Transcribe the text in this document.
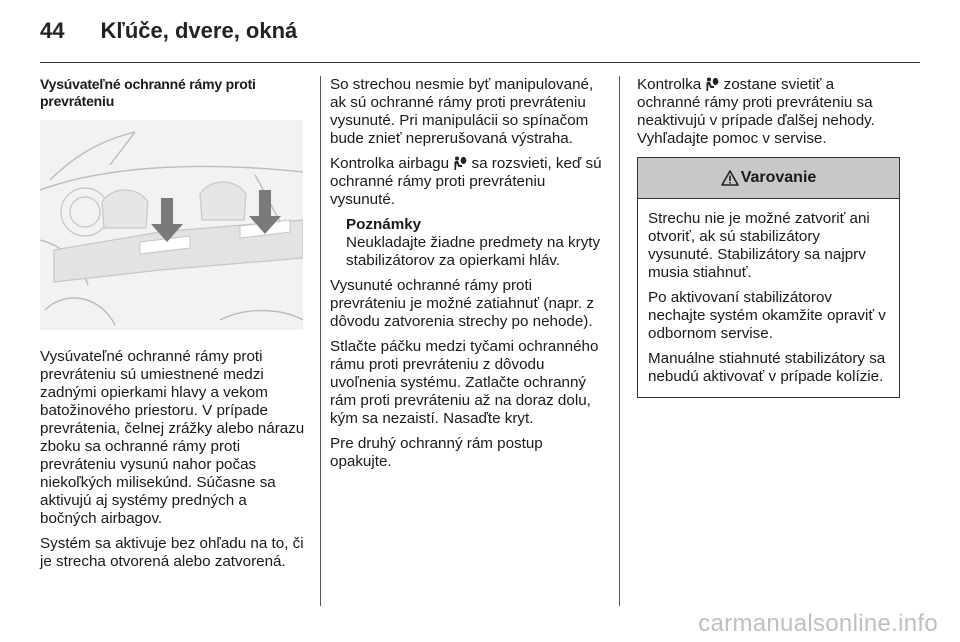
44 Kľúče, dvere, okná
Vysúvateľné ochranné rámy proti
prevráteniu

Vysúvateľné ochranné rámy proti prevráteniu sú umiestnené medzi zadnými opierkami hlavy a vekom batožinového priestoru. V prípade prevrátenia, čelnej zrážky alebo nárazu zboku sa ochranné rámy proti prevráteniu vysunú nahor počas niekoľkých milisekúnd. Súčasne sa aktivujú aj systémy predných a bočných airbagov.

Systém sa aktivuje bez ohľadu na to, či je strecha otvorená alebo zatvorená.

So strechou nesmie byť manipulované, ak sú ochranné rámy proti prevráteniu vysunuté. Pri manipulácii so spínačom bude znieť neprerušovaná výstraha.

Kontrolka airbagu sa rozsvieti, keď sú ochranné rámy proti prevráteniu vysunuté.

Poznámky

Neukladajte žiadne predmety na kryty stabilizátorov za opierkami hláv.

Vysunuté ochranné rámy proti prevráteniu je možné zatiahnuť (napr. z dôvodu zatvorenia strechy po nehode).

Stlačte páčku medzi tyčami ochranného rámu proti prevráteniu z dôvodu uvoľnenia systému. Zatlačte ochranný rám proti prevráteniu až na doraz dolu, kým sa nezaistí. Nasaďte kryt.

Pre druhý ochranný rám postup opakujte.

Kontrolka zostane svietiť a ochranné rámy proti prevráteniu sa neaktivujú v prípade ďalšej nehody. Vyhľadajte pomoc v servise.

Varovanie

Strechu nie je možné zatvoriť ani otvoriť, ak sú stabilizátory vysunuté. Stabilizátory sa najprv musia stiahnuť.

Po aktivovaní stabilizátorov nechajte systém okamžite opraviť v odbornom servise.

Manuálne stiahnuté stabilizátory sa nebudú aktivovať v prípade kolízie.

carmanualsonline.info
